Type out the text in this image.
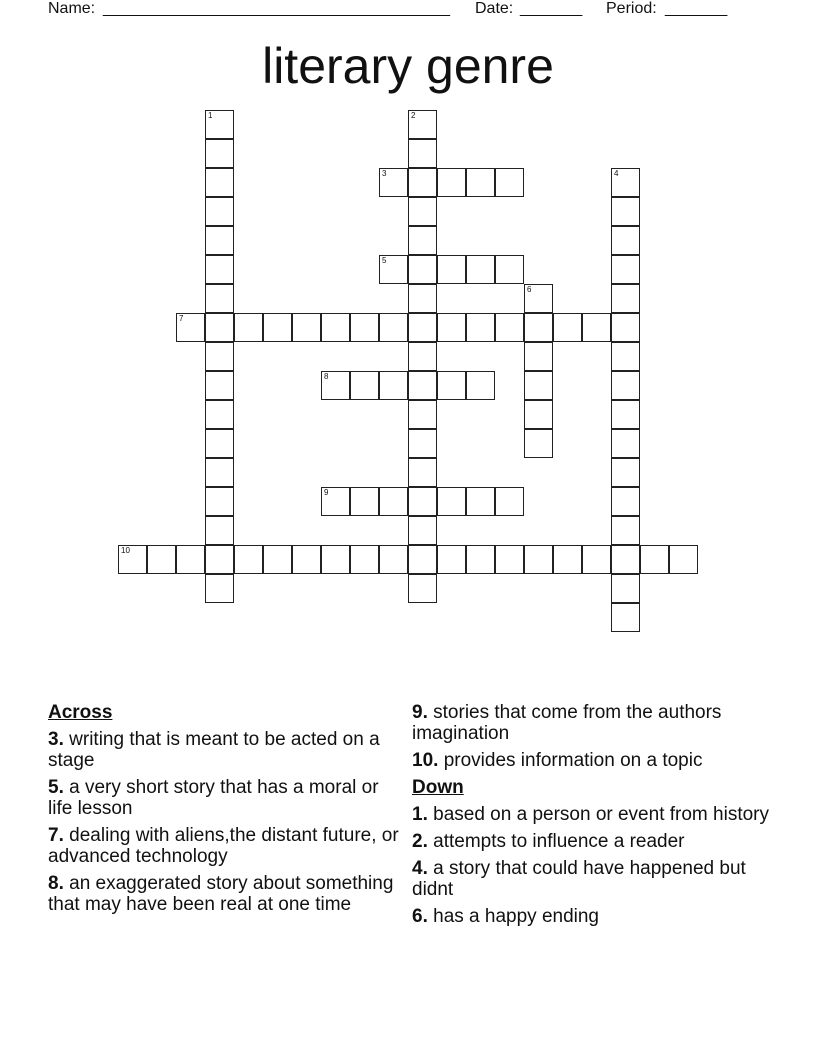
Name:

_______________________________________

Date:

_______

Period:

_______

literary genre
1	2
3	4
5
6
7
8
9
10
Across
3. writing that is meant to be acted on a stage
5. a very short story that has a moral or life lesson
7. dealing with aliens,the distant future, or advanced technology
8. an exaggerated story about something that may have been real at one time
9. stories that come from the authors imagination
10. provides information on a topic
Down
1. based on a person or event from history
2. attempts to influence a reader
4. a story that could have happened but didnt
6. has a happy ending
